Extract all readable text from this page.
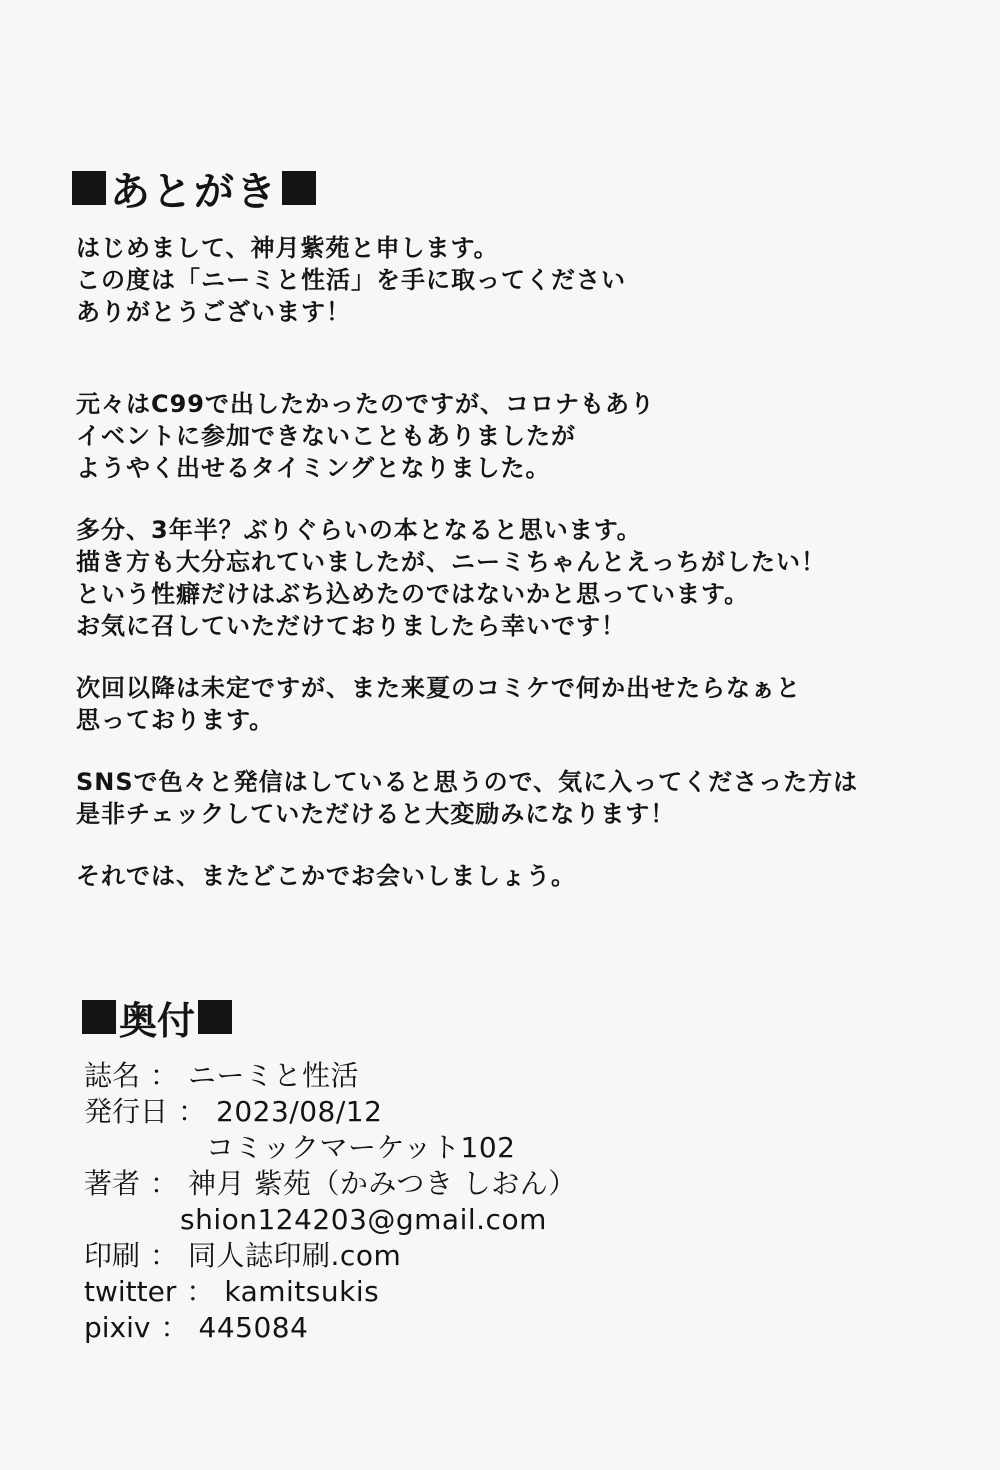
あとがき
はじめまして、神月紫苑と申します。
この度は「ニーミと性活」を手に取ってください
ありがとうございます！
元々はC99で出したかったのですが、コロナもあり
イベントに参加できないこともありましたが
ようやく出せるタイミングとなりました。
多分、3年半？ぶりぐらいの本となると思います。
描き方も大分忘れていましたが、ニーミちゃんとえっちがしたい！
という性癖だけはぶち込めたのではないかと思っています。
お気に召していただけておりましたら幸いです！
次回以降は未定ですが、また来夏のコミケで何か出せたらなぁと
思っております。
SNSで色々と発信はしていると思うので、気に入ってくださった方は
是非チェックしていただけると大変励みになります！
それでは、またどこかでお会いしましょう。
奥付
誌名 ： ニーミと性活
発行日 ： 2023/08/12
コミックマーケット102
著者 ： 神月 紫苑（かみつき しおん）
shion124203@gmail.com
印刷 ： 同人誌印刷.com
twitter ： kamitsukis
pixiv ： 445084
